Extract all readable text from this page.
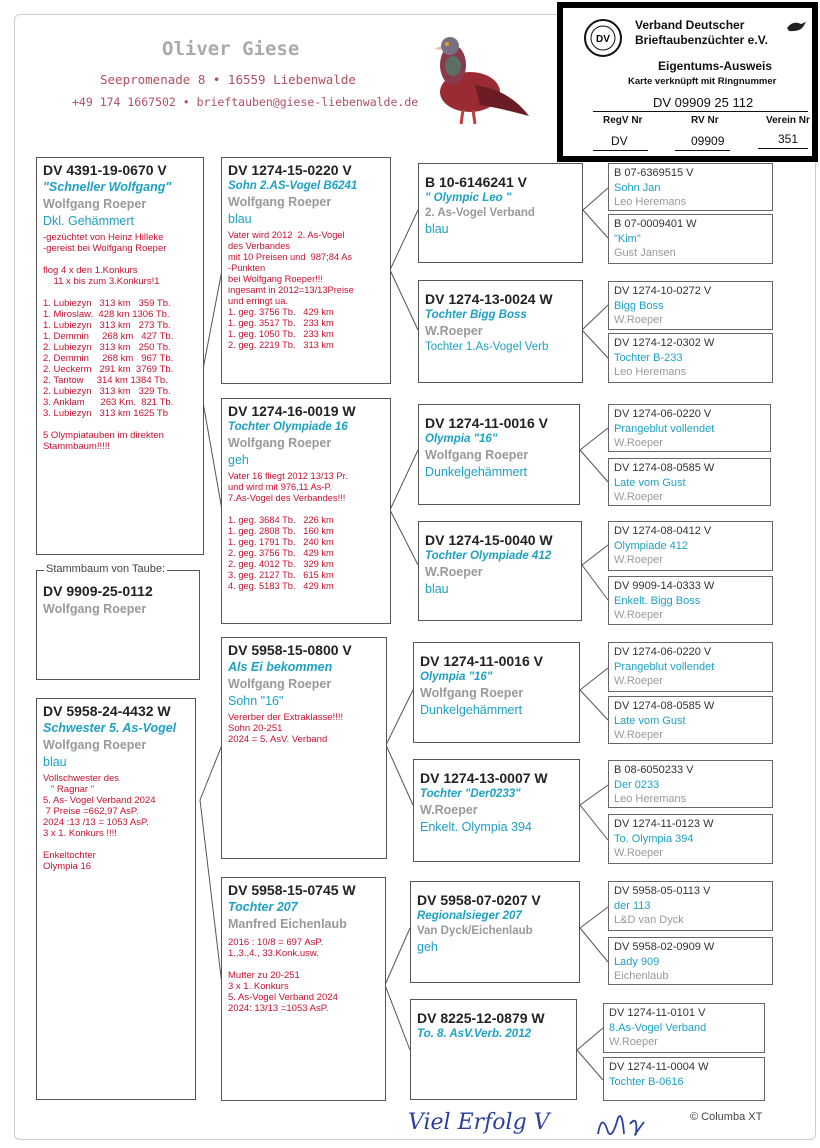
Oliver Giese
Seepromenade 8 • 16559 Liebenwalde
+49 174 1667502 • brieftauben@giese-liebenwalde.de
DV
Verband Deutscher
Brieftaubenzüchter e.V.
Eigentums-Ausweis
Karte verknüpft mit Ringnummer
DV 09909 25 112
RegV Nr	RV Nr	Verein Nr
DV	09909	351
DV 4391-19-0670 V
"Schneller Wolfgang"
Wolfgang Roeper
Dkl. Gehämmert
-gezüchtet von Heinz Hilleke
-gereist bei Wolfgang Roeper

flog 4 x den 1.Konkurs
11 x bis zum 3.Konkurs!1

1. Lubiezyn   313 km   359 Tb.
1. Miroslaw.  428 km 1306 Tb.
1. Lubiezyn   313 km   273 Tb.
1. Demmin     268 km   427 Tb.
2. Lubiezyn   313 km   250 Tb.
2. Demmin     268 km   967 Tb.
2. Ueckerm   291 km  3769 Tb.
2. Tantow     314 km 1384 Tb.
2. Lubiezyn   313 km   329 Tb.
3. Anklam      263 Km.  821 Tb.
3. Lubiezyn   313 km 1625 Tb

5 Olympiatauben im direkten
Stammbaum!!!!!
Stammbaum von Taube:
DV 9909-25-0112
Wolfgang Roeper
DV 5958-24-4432 W
Schwester 5. As-Vogel
Wolfgang Roeper
blau
Vollschwester des
" Ragnar "
5. As- Vogel Verband 2024
7 Preise =662,97 AsP.
2024 :13 /13 = 1053 AsP.
3 x 1. Konkurs !!!!

Enkeltochter
Olympia 16
DV 1274-15-0220 V
Sohn 2.AS-Vogel B6241
Wolfgang Roeper
blau
Vater wird 2012  2. As-Vogel
des Verbandes
mit 10 Preisen und  987;84 As
-Punkten
bei Wolfgang Roeper!!!
ingesamt in 2012=13/13Preise
und erringt ua.
1. geg. 3756 Tb.   429 km
1. geg. 3517 Tb.   233 km
1. geg. 1050 Tb.   233 km
2. geg. 2219 Tb.   313 km
DV 1274-16-0019 W
Tochter Olympiade 16
Wolfgang Roeper
geh
Vater 16 fliegt 2012 13/13 Pr.
und wird mit 976,11 As-P.
7.As-Vogel des Verbandes!!!

1. geg. 3684 Tb.   226 km
1. geg. 2808 Tb.   160 km
1. geg. 1791 Tb.   240 km
2. geg. 3756 Tb.   429 km
2. geg. 4012 Tb.   329 km
3. geg. 2127 Tb.   615 km
4. geg. 5183 Tb.   429 km
DV 5958-15-0800 V
Als Ei bekommen
Wolfgang Roeper
Sohn "16"
Vererber der Extraklasse!!!!
Sohn 20-251
2024 = 5. AsV. Verband
DV 5958-15-0745 W
Tochter 207
Manfred Eichenlaub
2016 : 10/8 = 697 AsP.
1.,3.,4., 33.Konk.usw.

Mutter zu 20-251
3 x 1. Konkurs
5. As-Vogel Verband 2024
2024: 13/13 =1053 AsP.
B 10-6146241 V
" Olympic Leo "
2. As-Vogel Verband
blau
DV 1274-13-0024 W
Tochter Bigg Boss
W.Roeper
Tochter 1.As-Vogel Verb
DV 1274-11-0016 V
Olympia "16"
Wolfgang Roeper
Dunkelgehämmert
DV 1274-15-0040 W
Tochter Olympiade 412
W.Roeper
blau
DV 1274-11-0016 V
Olympia "16"
Wolfgang Roeper
Dunkelgehämmert
DV 1274-13-0007 W
Tochter "Der0233"
W.Roeper
Enkelt. Olympia 394
DV 5958-07-0207 V
Regionalsieger 207
Van Dyck/Eichenlaub
geh
DV 8225-12-0879 W
To. 8. AsV.Verb. 2012
B 07-6369515 V
Sohn Jan
Leo Heremans
B 07-0009401 W
"Kim"
Gust Jansen
DV 1274-10-0272 V
Bigg Boss
W.Roeper
DV 1274-12-0302 W
Tochter B-233
Leo Heremans
DV 1274-06-0220 V
Prangeblut vollendet
W.Roeper
DV 1274-08-0585 W
Late vom Gust
W.Roeper
DV 1274-08-0412 V
Olympiade 412
W.Roeper
DV 9909-14-0333 W
Enkelt. Bigg Boss
W.Roeper
DV 1274-06-0220 V
Prangeblut vollendet
W.Roeper
DV 1274-08-0585 W
Late vom Gust
W.Roeper
B 08-6050233 V
Der 0233
Leo Heremans
DV 1274-11-0123 W
To. Olympia 394
W.Roeper
DV 5958-05-0113 V
der 113
L&D van Dyck
DV 5958-02-0909 W
Lady 909
Eichenlaub
DV 1274-11-0101 V
8.As-Vogel Verband
W.Roeper
DV 1274-11-0004 W
Tochter B-0616
Viel Erfolg V	© Columba XT
